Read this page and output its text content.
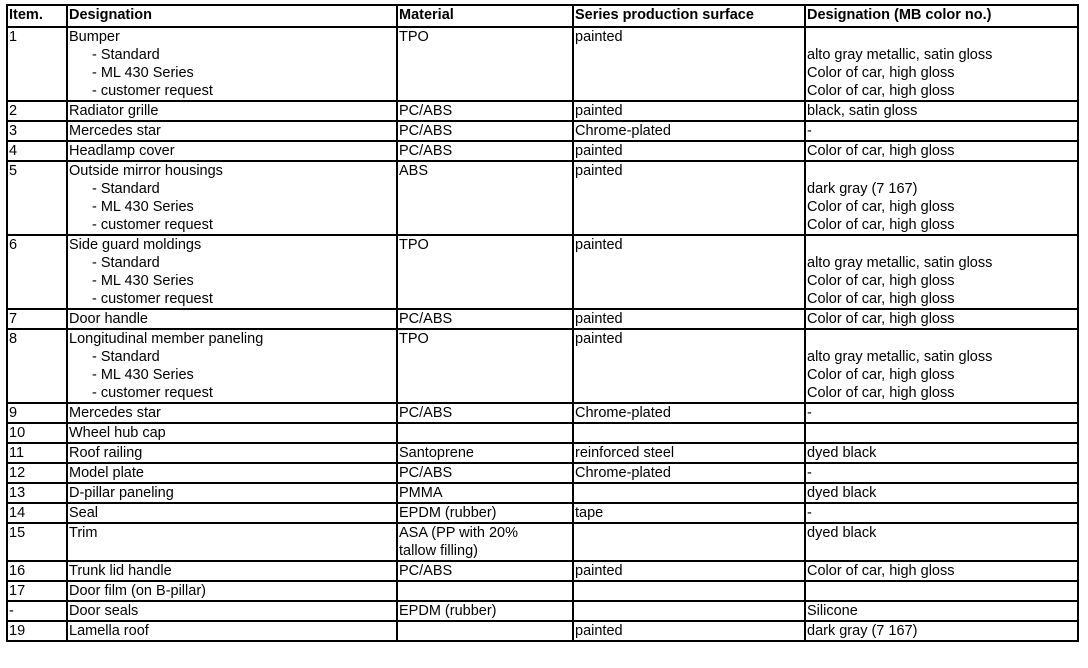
Item.	Designation	Material	Series production surface	Designation (MB color no.)

1	Bumper
- Standard
- ML 430 Series
- customer request	TPO	painted	alto gray metallic, satin gloss
Color of car, high gloss
Color of car, high gloss

2	Radiator grille	PC/ABS	painted	black, satin gloss

3	Mercedes star	PC/ABS	Chrome-plated	-

4	Headlamp cover	PC/ABS	painted	Color of car, high gloss

5	Outside mirror housings
- Standard
- ML 430 Series
- customer request	ABS	painted	dark gray (7 167)
Color of car, high gloss
Color of car, high gloss

6	Side guard moldings
- Standard
- ML 430 Series
- customer request	TPO	painted	alto gray metallic, satin gloss
Color of car, high gloss
Color of car, high gloss

7	Door handle	PC/ABS	painted	Color of car, high gloss

8	Longitudinal member paneling
- Standard
- ML 430 Series
- customer request	TPO	painted	alto gray metallic, satin gloss
Color of car, high gloss
Color of car, high gloss

9	Mercedes star	PC/ABS	Chrome-plated	-

10	Wheel hub cap			

11	Roof railing	Santoprene	reinforced steel	dyed black

12	Model plate	PC/ABS	Chrome-plated	-

13	D-pillar paneling	PMMA		dyed black

14	Seal	EPDM (rubber)	tape	-

15	Trim	ASA (PP with 20%
tallow filling)		dyed black

16	Trunk lid handle	PC/ABS	painted	Color of car, high gloss

17	Door film (on B-pillar)			

-	Door seals	EPDM (rubber)		Silicone

19	Lamella roof		painted	dark gray (7 167)
